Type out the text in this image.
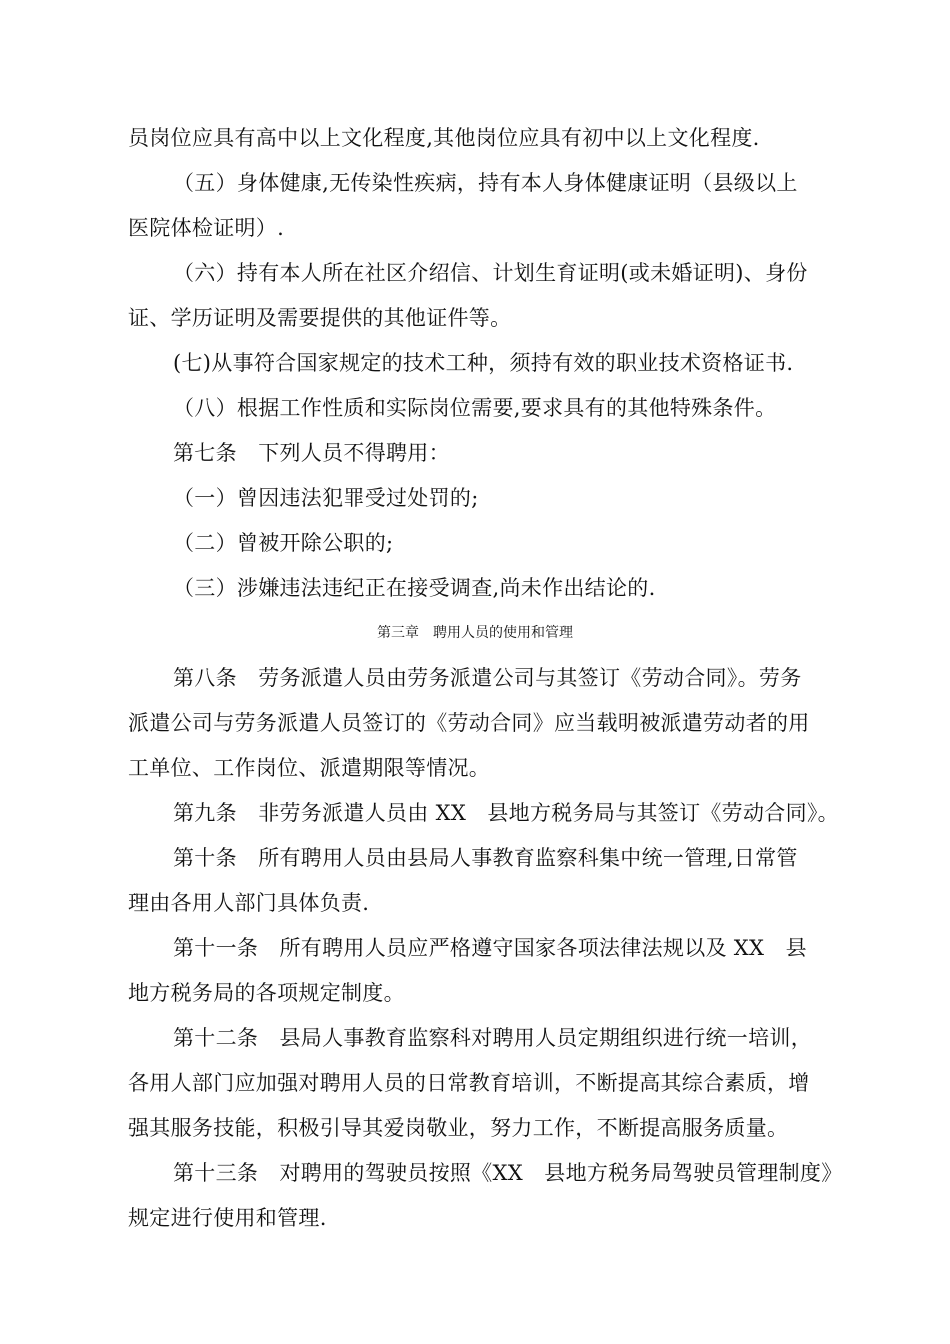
员岗位应具有高中以上文化程度,其他岗位应具有初中以上文化程度.
（五）身体健康,无传染性疾病，持有本人身体健康证明（县级以上
医院体检证明）.
（六）持有本人所在社区介绍信、计划生育证明(或未婚证明)、身份
证、学历证明及需要提供的其他证件等。
(七)从事符合国家规定的技术工种，须持有效的职业技术资格证书.
（八）根据工作性质和实际岗位需要,要求具有的其他特殊条件。
第七条　下列人员不得聘用：
（一）曾因违法犯罪受过处罚的;
（二）曾被开除公职的;
（三）涉嫌违法违纪正在接受调查,尚未作出结论的.
第三章　聘用人员的使用和管理
第八条　劳务派遣人员由劳务派遣公司与其签订《劳动合同》。劳务
派遣公司与劳务派遣人员签订的《劳动合同》应当载明被派遣劳动者的用
工单位、工作岗位、派遣期限等情况。
第九条　非劳务派遣人员由 XX　县地方税务局与其签订《劳动合同》。
第十条　所有聘用人员由县局人事教育监察科集中统一管理,日常管
理由各用人部门具体负责.
第十一条　所有聘用人员应严格遵守国家各项法律法规以及 XX　县
地方税务局的各项规定制度。
第十二条　县局人事教育监察科对聘用人员定期组织进行统一培训，
各用人部门应加强对聘用人员的日常教育培训，不断提高其综合素质，增
强其服务技能，积极引导其爱岗敬业，努力工作，不断提高服务质量。
第十三条　对聘用的驾驶员按照《XX　县地方税务局驾驶员管理制度》
规定进行使用和管理.
